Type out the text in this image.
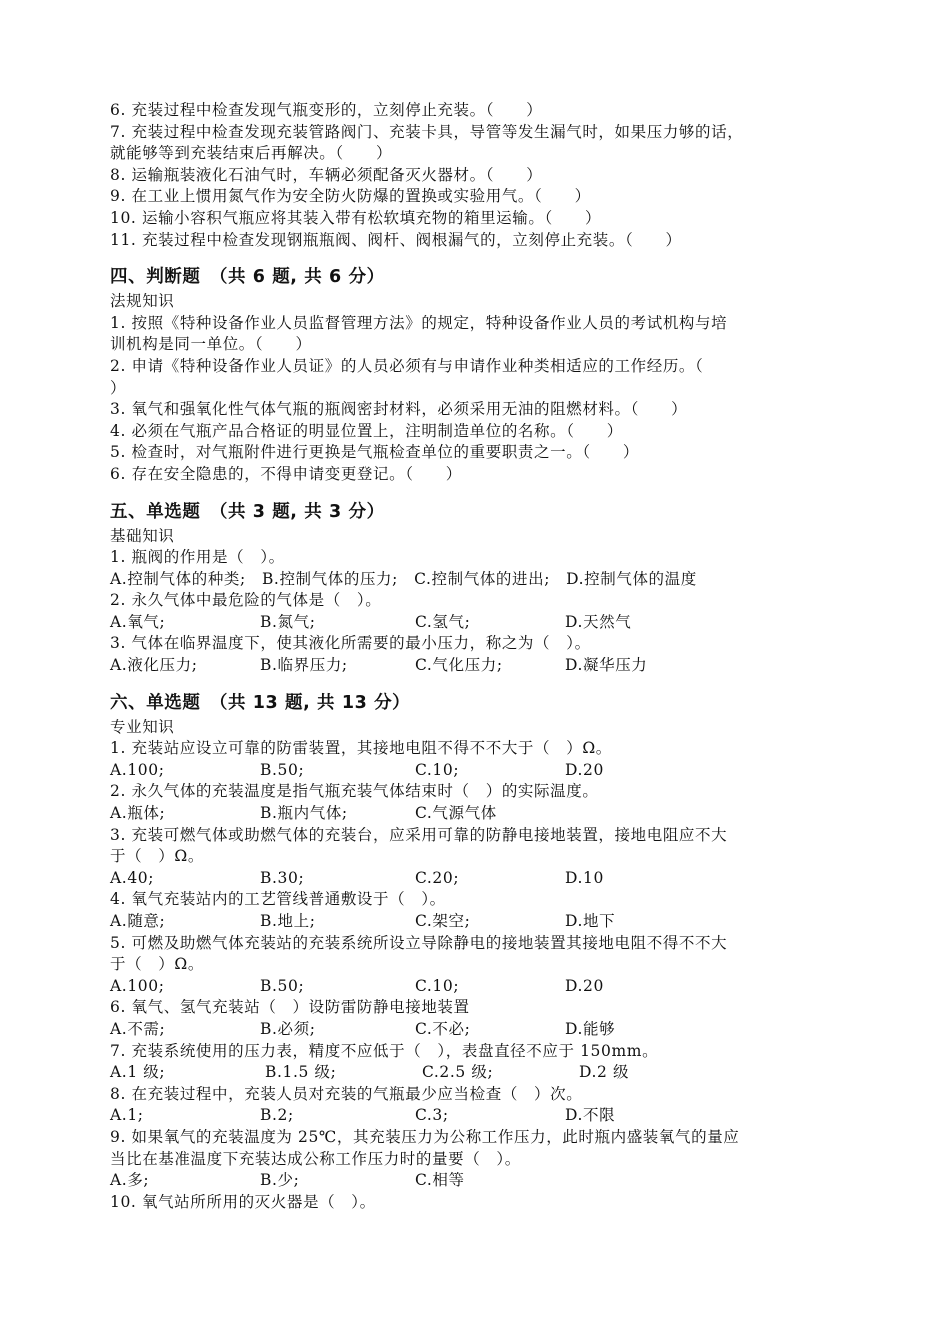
6. 充装过程中检查发现气瓶变形的，立刻停止充装。（　　）
7. 充装过程中检查发现充装管路阀门、充装卡具，导管等发生漏气时，如果压力够的话，
就能够等到充装结束后再解决。（　　）
8. 运输瓶装液化石油气时，车辆必须配备灭火器材。（　　）
9. 在工业上惯用氮气作为安全防火防爆的置换或实验用气。（　　）
10. 运输小容积气瓶应将其装入带有松软填充物的箱里运输。（　　）
11. 充装过程中检查发现钢瓶瓶阀、阀杆、阀根漏气的，立刻停止充装。（　　）
四、判断题　（共 6 题, 共 6 分）
法规知识
1. 按照《特种设备作业人员监督管理方法》的规定，特种设备作业人员的考试机构与培
训机构是同一单位。（　　）
2. 申请《特种设备作业人员证》的人员必须有与申请作业种类相适应的工作经历。（
）
3. 氧气和强氧化性气体气瓶的瓶阀密封材料，必须采用无油的阻燃材料。（　　）
4. 必须在气瓶产品合格证的明显位置上，注明制造单位的名称。（　　）
5. 检查时，对气瓶附件进行更换是气瓶检查单位的重要职责之一。（　　）
6. 存在安全隐患的，不得申请变更登记。（　　）
五、单选题　（共 3 题, 共 3 分）
基础知识
1. 瓶阀的作用是（　）。
A.控制气体的种类;　B.控制气体的压力;　C.控制气体的进出;　D.控制气体的温度
2. 永久气体中最危险的气体是（　）。
A.氧气;	B.氮气;	C.氢气;	D.天然气
3. 气体在临界温度下，使其液化所需要的最小压力，称之为（　）。
A.液化压力;	B.临界压力;	C.气化压力;	D.凝华压力
六、单选题　（共 13 题, 共 13 分）
专业知识
1. 充装站应设立可靠的防雷装置，其接地电阻不得不不大于（　）Ω。
A.100;	B.50;	C.10;	D.20
2. 永久气体的充装温度是指气瓶充装气体结束时（　）的实际温度。
A.瓶体;	B.瓶内气体;	C.气源气体
3. 充装可燃气体或助燃气体的充装台，应采用可靠的防静电接地装置，接地电阻应不大
于（　）Ω。
A.40;	B.30;	C.20;	D.10
4. 氧气充装站内的工艺管线普通敷设于（　）。
A.随意;	B.地上;	C.架空;	D.地下
5. 可燃及助燃气体充装站的充装系统所设立导除静电的接地装置其接地电阻不得不不大
于（　）Ω。
A.100;	B.50;	C.10;	D.20
6. 氧气、氢气充装站（　）设防雷防静电接地装置
A.不需;	B.必须;	C.不必;	D.能够
7. 充装系统使用的压力表，精度不应低于（　），表盘直径不应于 150mm。
A.1 级;	B.1.5 级;	C.2.5 级;	D.2 级
8. 在充装过程中，充装人员对充装的气瓶最少应当检查（　）次。
A.1;	B.2;	C.3;	D.不限
9. 如果氧气的充装温度为 25℃，其充装压力为公称工作压力，此时瓶内盛装氧气的量应
当比在基准温度下充装达成公称工作压力时的量要（　）。
A.多;	B.少;	C.相等
10. 氧气站所所用的灭火器是（　）。
